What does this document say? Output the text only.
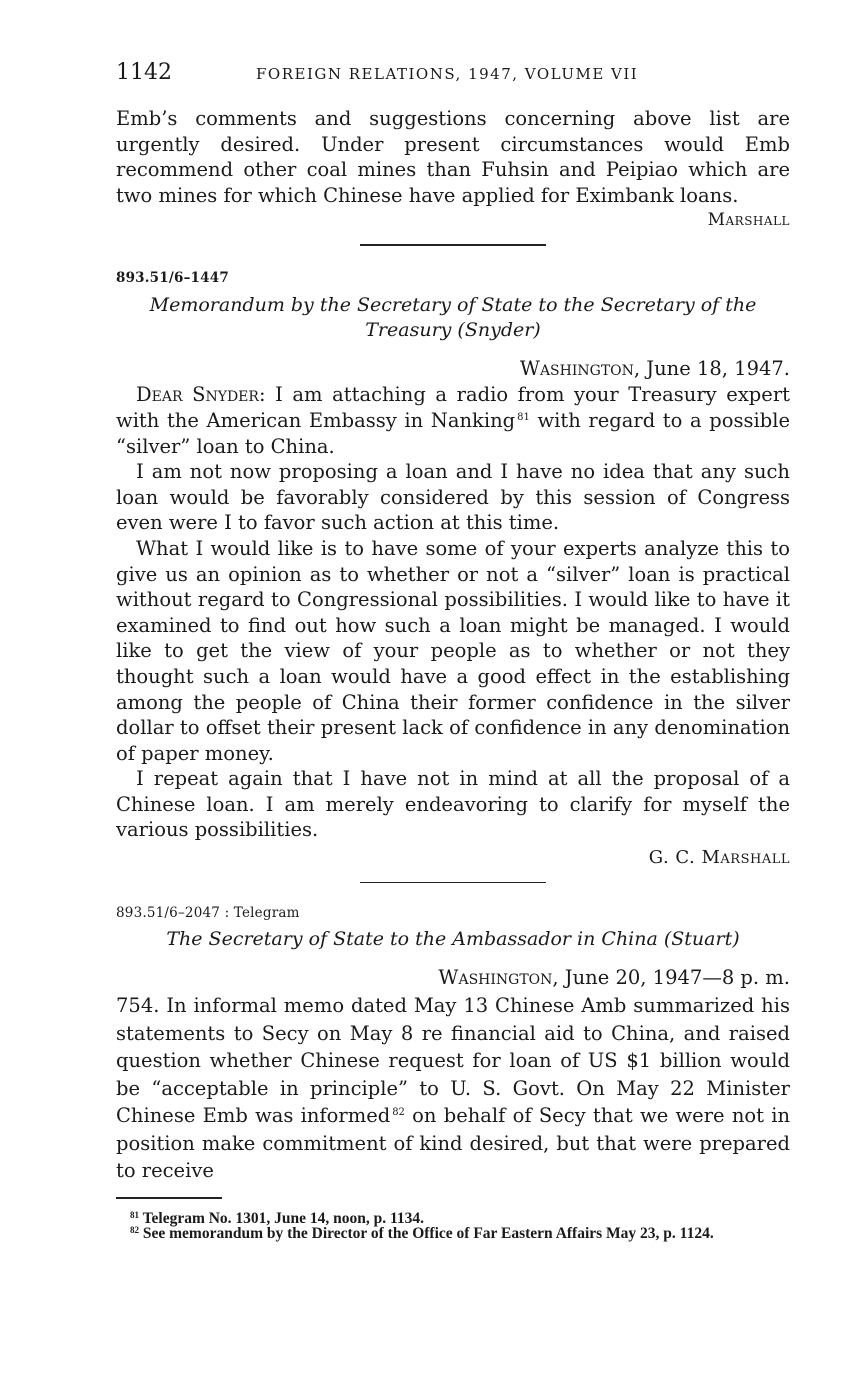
1142	FOREIGN RELATIONS, 1947, VOLUME VII

Emb’s comments and suggestions concerning above list are urgently desired. Under present circumstances would Emb recommend other coal mines than Fuhsin and Peipiao which are two mines for which Chinese have applied for Eximbank loans.

Marshall
893.51/6–1447
Memorandum by the Secretary of State to the Secretary of the Treasury (Snyder)
Washington, June 18, 1947.

Dear Snyder: I am attaching a radio from your Treasury expert with the American Embassy in Nanking  $^{81}$ with regard to a possible “silver” loan to China.

I am not now proposing a loan and I have no idea that any such loan would be favorably considered by this session of Congress even were I to favor such action at this time.

What I would like is to have some of your experts analyze this to give us an opinion as to whether or not a “silver” loan is practical without regard to Congressional possibilities. I would like to have it examined to find out how such a loan might be managed. I would like to get the view of your people as to whether or not they thought such a loan would have a good effect in the establishing among the people of China their former confidence in the silver dollar to offset their present lack of confidence in any denomination of paper money.

I repeat again that I have not in mind at all the proposal of a Chinese loan. I am merely endeavoring to clarify for myself the various possibilities.

G. C. Marshall
893.51/6–2047 : Telegram
The Secretary of State to the Ambassador in China (Stuart)
Washington, June 20, 1947—8 p. m.

754. In informal memo dated May 13 Chinese Amb summarized his statements to Secy on May 8 re financial aid to China, and raised question whether Chinese request for loan of US $1 billion would be “acceptable in principle” to U. S. Govt. On May 22 Minister Chinese Emb was informed  $^{82}$ on behalf of Secy that we were not in position make commitment of kind desired, but that were prepared to receive

$^{81}$ Telegram No. 1301, June 14, noon, p. 1134.
$^{82}$ See memorandum by the Director of the Office of Far Eastern Affairs May 23, p. 1124.
